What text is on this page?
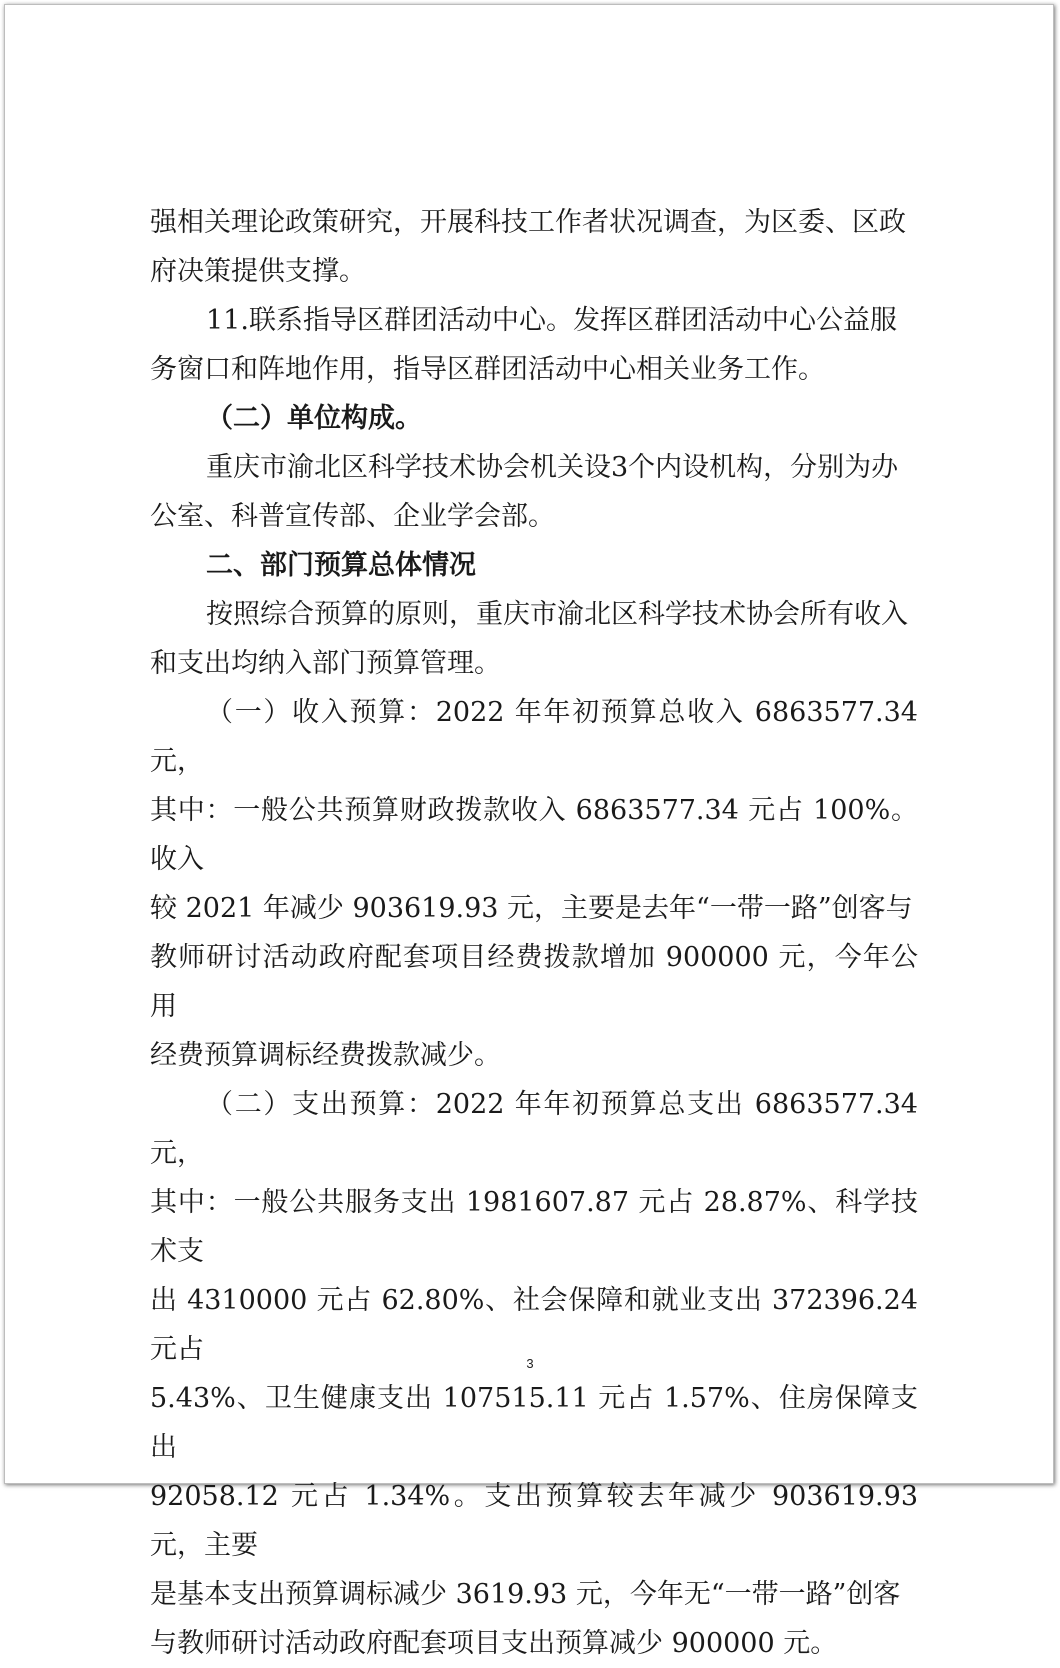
强相关理论政策研究，开展科技工作者状况调查，为区委、区政
府决策提供支撑。
11.联系指导区群团活动中心。发挥区群团活动中心公益服
务窗口和阵地作用，指导区群团活动中心相关业务工作。
（二）单位构成。
重庆市渝北区科学技术协会机关设3个内设机构，分别为办
公室、科普宣传部、企业学会部。
二、部门预算总体情况
按照综合预算的原则，重庆市渝北区科学技术协会所有收入
和支出均纳入部门预算管理。
（一）收入预算：2022 年年初预算总收入 6863577.34 元，
其中：一般公共预算财政拨款收入 6863577.34 元占 100%。收入
较 2021 年减少 903619.93 元，主要是去年“一带一路”创客与
教师研讨活动政府配套项目经费拨款增加 900000 元，今年公用
经费预算调标经费拨款减少。
（二）支出预算：2022 年年初预算总支出 6863577.34 元，
其中：一般公共服务支出 1981607.87 元占 28.87%、科学技术支
出 4310000 元占 62.80%、社会保障和就业支出 372396.24 元占
5.43%、卫生健康支出 107515.11 元占 1.57%、住房保障支出
92058.12 元占 1.34%。支出预算较去年减少 903619.93 元，主要
是基本支出预算调标减少 3619.93 元，今年无“一带一路”创客
与教师研讨活动政府配套项目支出预算减少 900000 元。
3
